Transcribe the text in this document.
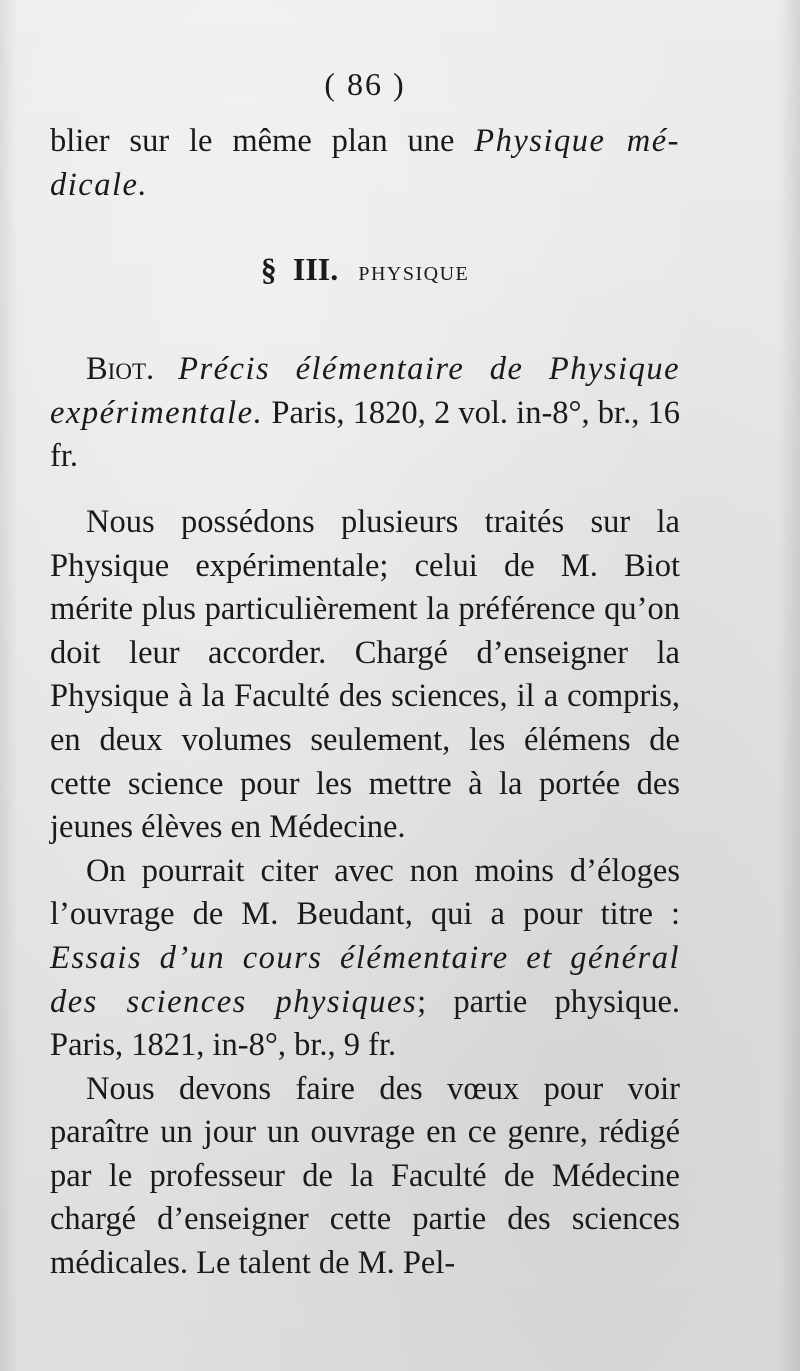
( 86 )

blier sur le même plan une Physique mé-dicale.

§ III. PHYSIQUE

Biot. Précis élémentaire de Physique expérimentale. Paris, 1820, 2 vol. in-8°, br., 16 fr.

Nous possédons plusieurs traités sur la Physique expérimentale; celui de M. Biot mérite plus particulièrement la préférence qu’on doit leur accorder. Chargé d’enseigner la Physique à la Faculté des sciences, il a compris, en deux volumes seulement, les élémens de cette science pour les mettre à la portée des jeunes élèves en Médecine.

On pourrait citer avec non moins d’éloges l’ouvrage de M. Beudant, qui a pour titre : Essais d’un cours élémentaire et général des sciences physiques; partie physique. Paris, 1821, in-8°, br., 9 fr.

Nous devons faire des vœux pour voir paraître un jour un ouvrage en ce genre, rédigé par le professeur de la Faculté de Médecine chargé d’enseigner cette partie des sciences médicales. Le talent de M. Pel-
